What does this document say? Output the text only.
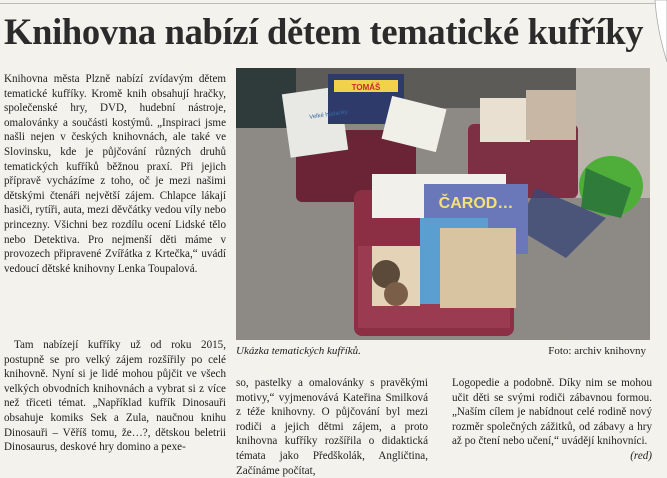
Knihovna nabízí dětem tematické kufříky

Knihovna města Plzně nabízí zvídavým dětem tematické kufříky. Kromě knih obsahují hračky, společenské hry, DVD, hudební nástroje, omalovánky a součásti kostýmů. „Inspiraci jsme našli nejen v českých knihovnách, ale také ve Slovinsku, kde je půjčování různých druhů tematických kufříků běžnou praxí. Při jejich přípravě vycházíme z toho, oč je mezi našimi dětskými čtenáři největší zájem. Chlapce lákají hasiči, rytíři, auta, mezi děvčátky vedou víly nebo princezny. Všichni bez rozdílu ocení Lidské tělo nebo Detektiva. Pro nejmenší děti máme v provozech připravené Zvířátka z Krtečka,“ uvádí vedoucí dětské knihovny Lenka Toupalová.

Tam nabízejí kufříky už od roku 2015, postupně se pro velký zájem rozšířily po celé knihovně. Nyní si je lidé mohou půjčit ve všech velkých obvodních knihovnách a vybrat si z více než třiceti témat. „Například kufřík Dinosauři obsahuje komiks Sek a Zula, naučnou knihu Dinosauři – Věříš tomu, že…?, dětskou beletrii Dinosaurus, deskové hry domino a pexe-

TOMÁŠ
Velké hádanky
ČAROD…
Ukázka tematických kufříků.	Foto: archiv knihovny

so, pastelky a omalovánky s pravěkými motivy,“ vyjmenovává Kateřina Smilková z téže knihovny. O půjčování byl mezi rodiči a jejich dětmi zájem, a proto knihovna kufříky rozšířila o didaktická témata jako Předškolák, Angličtina, Začínáme počítat,

Logopedie a podobně. Díky nim se mohou učit děti se svými rodiči zábavnou formou. „Naším cílem je nabídnout celé rodině nový rozměr společných zážitků, od zábavy a hry až po čtení nebo učení,“ uvádějí knihovníci.
(red)
